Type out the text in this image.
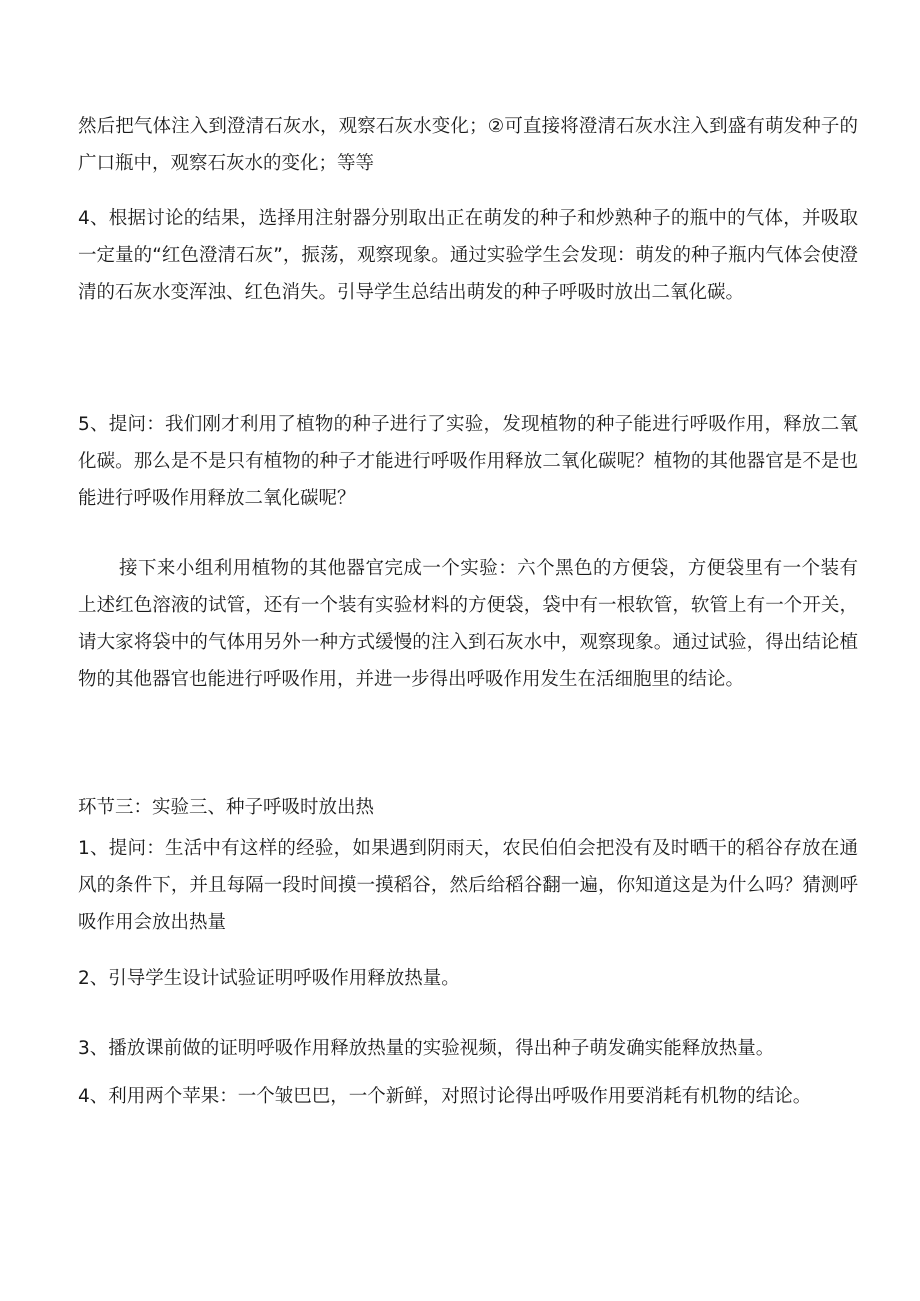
然后把气体注入到澄清石灰水，观察石灰水变化；②可直接将澄清石灰水注入到盛有萌发种子的广口瓶中，观察石灰水的变化；等等

4、根据讨论的结果，选择用注射器分别取出正在萌发的种子和炒熟种子的瓶中的气体，并吸取一定量的“红色澄清石灰”，振荡，观察现象。通过实验学生会发现：萌发的种子瓶内气体会使澄清的石灰水变浑浊、红色消失。引导学生总结出萌发的种子呼吸时放出二氧化碳。

5、提问：我们刚才利用了植物的种子进行了实验，发现植物的种子能进行呼吸作用，释放二氧化碳。那么是不是只有植物的种子才能进行呼吸作用释放二氧化碳呢？植物的其他器官是不是也能进行呼吸作用释放二氧化碳呢？

接下来小组利用植物的其他器官完成一个实验：六个黑色的方便袋，方便袋里有一个装有上述红色溶液的试管，还有一个装有实验材料的方便袋，袋中有一根软管，软管上有一个开关，请大家将袋中的气体用另外一种方式缓慢的注入到石灰水中，观察现象。通过试验，得出结论植物的其他器官也能进行呼吸作用，并进一步得出呼吸作用发生在活细胞里的结论。

环节三：实验三、种子呼吸时放出热

1、提问：生活中有这样的经验，如果遇到阴雨天，农民伯伯会把没有及时晒干的稻谷存放在通风的条件下，并且每隔一段时间摸一摸稻谷，然后给稻谷翻一遍，你知道这是为什么吗？猜测呼吸作用会放出热量

2、引导学生设计试验证明呼吸作用释放热量。

3、播放课前做的证明呼吸作用释放热量的实验视频，得出种子萌发确实能释放热量。

4、利用两个苹果：一个皱巴巴，一个新鲜，对照讨论得出呼吸作用要消耗有机物的结论。
